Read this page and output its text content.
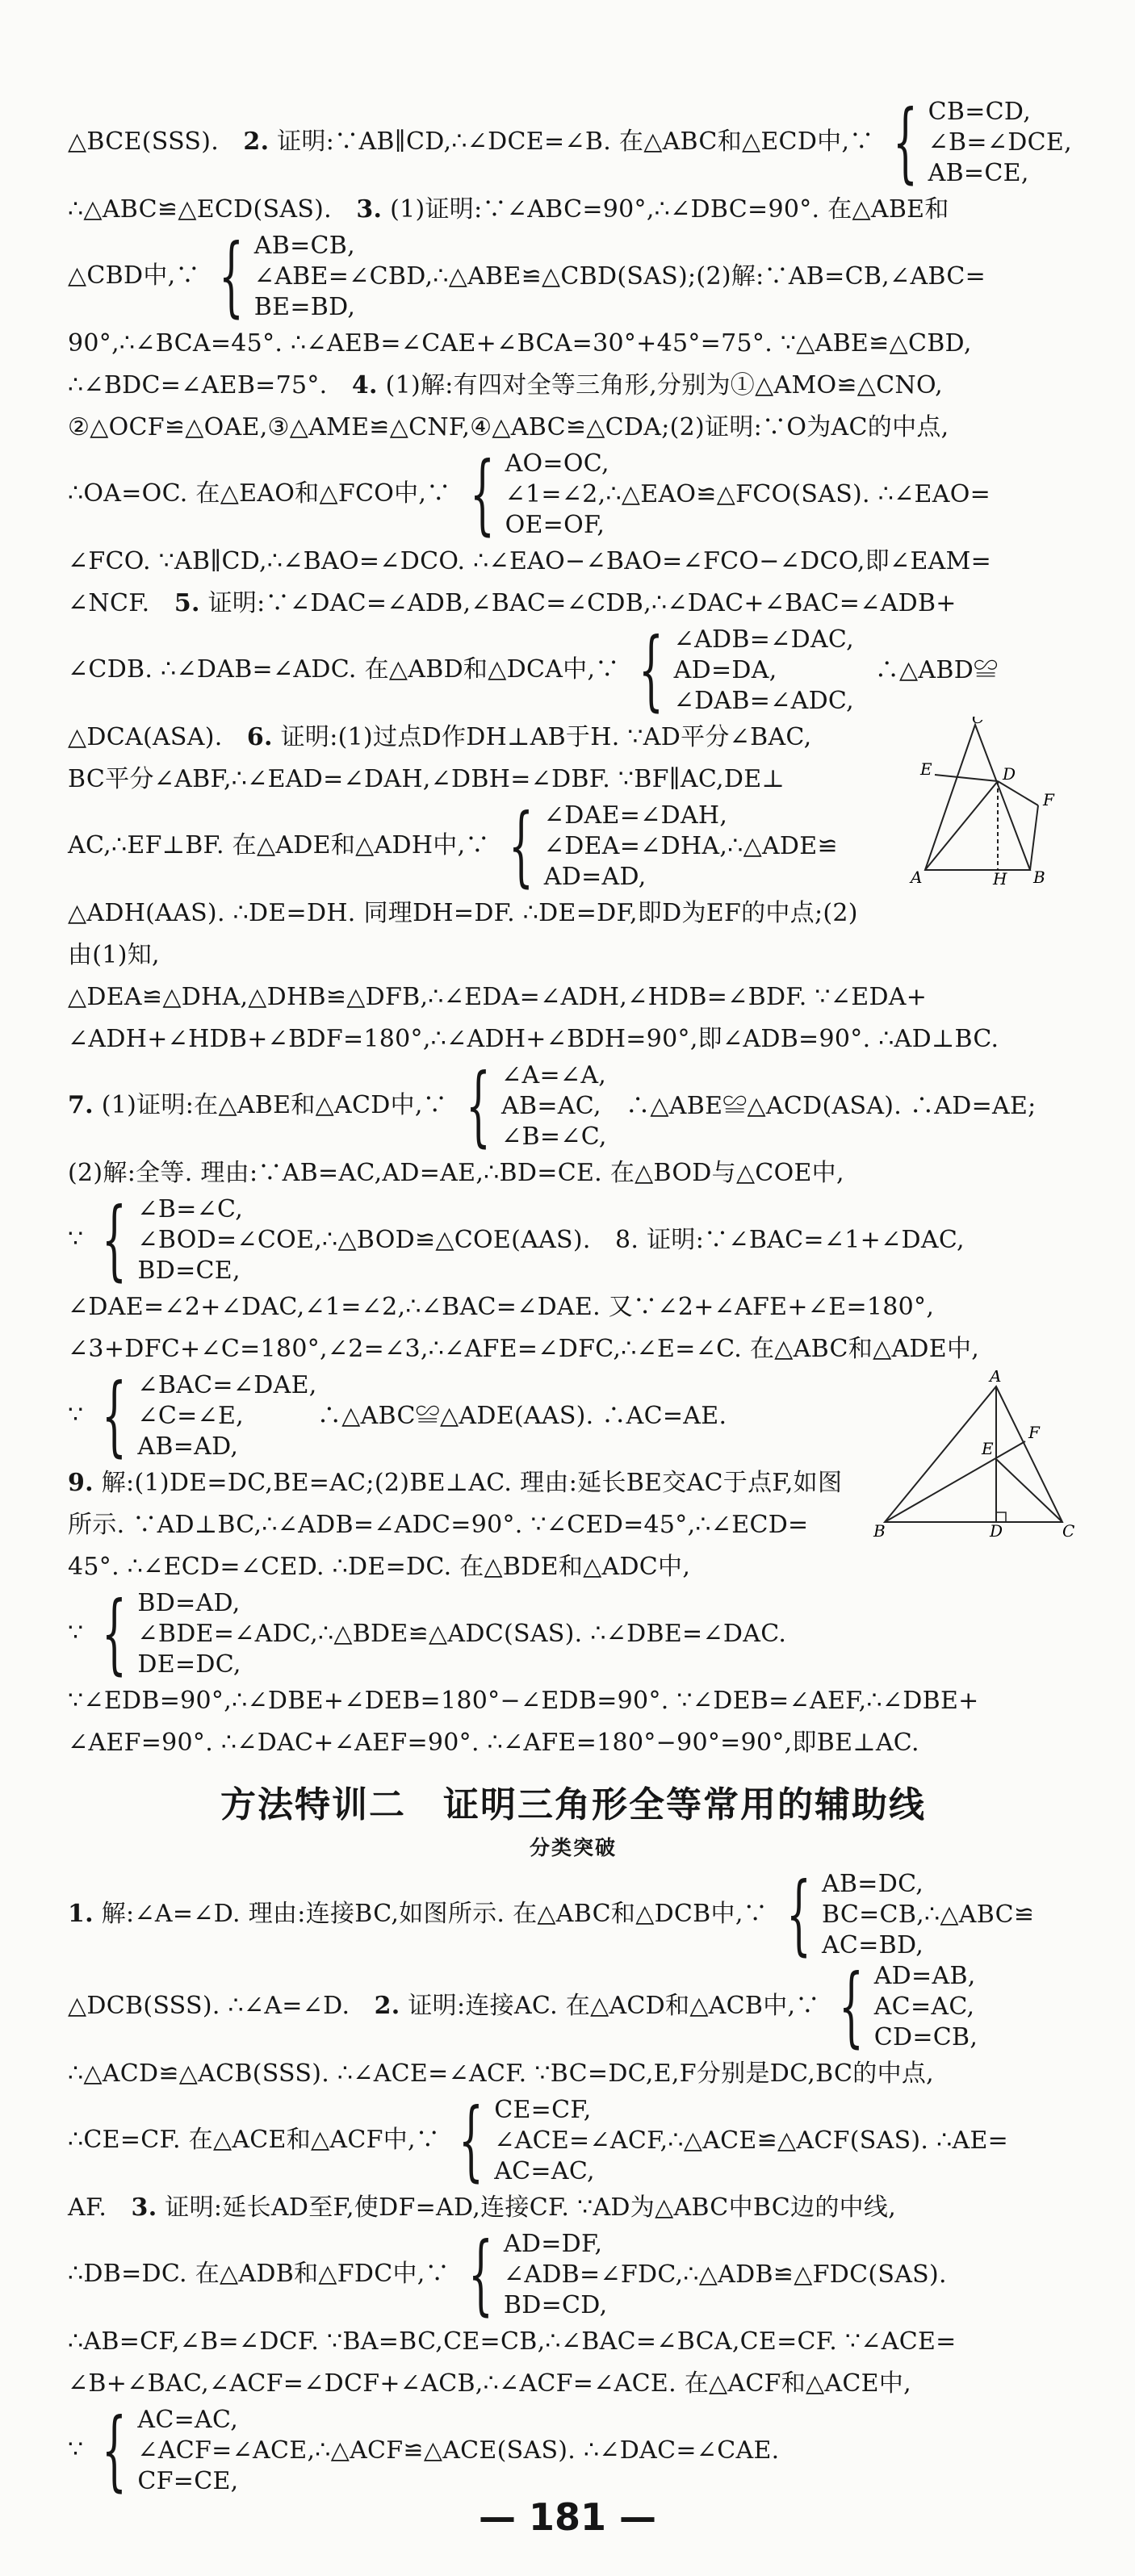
△BCE(SSS).　2. 证明:∵AB∥CD,∴∠DCE=∠B. 在△ABC和△ECD中,∵ { CB=CD,
∠B=∠DCE,
AB=CE,

∴△ABC≌△ECD(SAS).　3. (1)证明:∵∠ABC=90°,∴∠DBC=90°. 在△ABE和

△CBD中,∵ { AB=CB,
∠ABE=∠CBD,∴△ABE≌△CBD(SAS);(2)解:∵AB=CB,∠ABC=
BE=BD,

90°,∴∠BCA=45°. ∴∠AEB=∠CAE+∠BCA=30°+45°=75°. ∵△ABE≌△CBD,

∴∠BDC=∠AEB=75°.　4. (1)解:有四对全等三角形,分别为①△AMO≌△CNO,

②△OCF≌△OAE,③△AME≌△CNF,④△ABC≌△CDA;(2)证明:∵O为AC的中点,

∴OA=OC. 在△EAO和△FCO中,∵ { AO=OC,
∠1=∠2,∴△EAO≌△FCO(SAS). ∴∠EAO=
OE=OF,

∠FCO. ∵AB∥CD,∴∠BAO=∠DCO. ∴∠EAO−∠BAO=∠FCO−∠DCO,即∠EAM=

∠NCF.　5. 证明:∵∠DAC=∠ADB,∠BAC=∠CDB,∴∠DAC+∠BAC=∠ADB+

∠CDB. ∴∠DAB=∠ADC. 在△ABD和△DCA中,∵ { ∠ADB=∠DAC,
AD=DA,　　　　∴△ABD≌
∠DAB=∠ADC,

C
E	D
F
A	H B

△DCA(ASA).　6. 证明:(1)过点D作DH⊥AB于H. ∵AD平分∠BAC,

BC平分∠ABF,∴∠EAD=∠DAH,∠DBH=∠DBF. ∵BF∥AC,DE⊥

AC,∴EF⊥BF. 在△ADE和△ADH中,∵ { ∠DAE=∠DAH,
∠DEA=∠DHA,∴△ADE≌
AD=AD,

△ADH(AAS). ∴DE=DH. 同理DH=DF. ∴DE=DF,即D为EF的中点;(2)由(1)知,

△DEA≌△DHA,△DHB≌△DFB,∴∠EDA=∠ADH,∠HDB=∠BDF. ∵∠EDA+

∠ADH+∠HDB+∠BDF=180°,∴∠ADH+∠BDH=90°,即∠ADB=90°. ∴AD⊥BC.

7. (1)证明:在△ABE和△ACD中,∵ { ∠A=∠A,
AB=AC,　∴△ABE≌△ACD(ASA). ∴AD=AE;
∠B=∠C,

(2)解:全等. 理由:∵AB=AC,AD=AE,∴BD=CE. 在△BOD与△COE中,

∵ { ∠B=∠C,
∠BOD=∠COE,∴△BOD≌△COE(AAS).　8. 证明:∵∠BAC=∠1+∠DAC,
BD=CE,

∠DAE=∠2+∠DAC,∠1=∠2,∴∠BAC=∠DAE. 又∵∠2+∠AFE+∠E=180°,

∠3+DFC+∠C=180°,∠2=∠3,∴∠AFE=∠DFC,∴∠E=∠C. 在△ABC和△ADE中,

A
E
F
B	D	C

∵ { ∠BAC=∠DAE,
∠C=∠E,　　　∴△ABC≌△ADE(AAS). ∴AC=AE.
AB=AD,

9. 解:(1)DE=DC,BE=AC;(2)BE⊥AC. 理由:延长BE交AC于点F,如图

所示. ∵AD⊥BC,∴∠ADB=∠ADC=90°. ∵∠CED=45°,∴∠ECD=

45°. ∴∠ECD=∠CED. ∴DE=DC. 在△BDE和△ADC中,

∵ { BD=AD,
∠BDE=∠ADC,∴△BDE≌△ADC(SAS). ∴∠DBE=∠DAC.
DE=DC,

∵∠EDB=90°,∴∠DBE+∠DEB=180°−∠EDB=90°. ∵∠DEB=∠AEF,∴∠DBE+

∠AEF=90°. ∴∠DAC+∠AEF=90°. ∴∠AFE=180°−90°=90°,即BE⊥AC.

方法特训二　证明三角形全等常用的辅助线
分类突破

1. 解:∠A=∠D. 理由:连接BC,如图所示. 在△ABC和△DCB中,∵ { AB=DC,
BC=CB,∴△ABC≌
AC=BD,

△DCB(SSS). ∴∠A=∠D.　2. 证明:连接AC. 在△ACD和△ACB中,∵ { AD=AB,
AC=AC,
CD=CB,

∴△ACD≌△ACB(SSS). ∴∠ACE=∠ACF. ∵BC=DC,E,F分别是DC,BC的中点,

∴CE=CF. 在△ACE和△ACF中,∵ { CE=CF,
∠ACE=∠ACF,∴△ACE≌△ACF(SAS). ∴AE=
AC=AC,

AF.　3. 证明:延长AD至F,使DF=AD,连接CF. ∵AD为△ABC中BC边的中线,

∴DB=DC. 在△ADB和△FDC中,∵ { AD=DF,
∠ADB=∠FDC,∴△ADB≌△FDC(SAS).
BD=CD,

∴AB=CF,∠B=∠DCF. ∵BA=BC,CE=CB,∴∠BAC=∠BCA,CE=CF. ∵∠ACE=

∠B+∠BAC,∠ACF=∠DCF+∠ACB,∴∠ACF=∠ACE. 在△ACF和△ACE中,

∵ { AC=AC,
∠ACF=∠ACE,∴△ACF≌△ACE(SAS). ∴∠DAC=∠CAE.
CF=CE,

— 181 —
